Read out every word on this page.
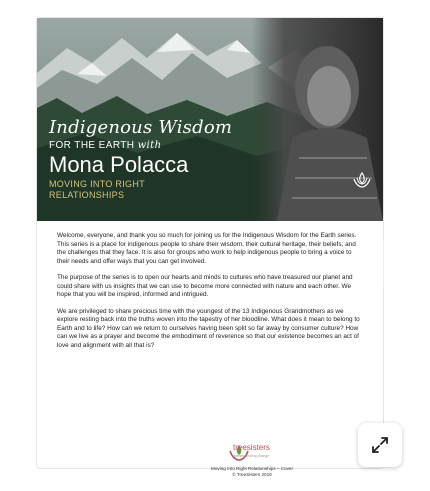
Indigenous Wisdom
FOR THE EARTH with
Mona Polacca
MOVING INTO RIGHT RELATIONSHIPS

Welcome, everyone, and thank you so much for joining us for the Indigenous Wisdom for the Earth series. This series is a place for indigenous people to share their wisdom, their cultural heritage, their beliefs, and the challenges that they face. It is also for groups who work to help indigenous people to bring a voice to their needs and offer ways that you can get involved.

The purpose of the series is to open our hearts and minds to cultures who have treasured our planet and could share with us insights that we can use to become more connected with nature and each other. We hope that you will be inspired, informed and intrigued.

We are privileged to share precious time with the youngest of the 13 Indigenous Grandmothers as we explore resting back into the truths woven into the tapestry of her bloodline. What does it mean to belong to Earth and to life? How can we return to ourselves having been split so far away by consumer culture? How can we live as a prayer and become the embodiment of reverence so that our existence becomes an act of love and alignment with all that is?

treesisters
women funding change
Moving Into Right Relationships – Cover
© TreeSisters 2019
